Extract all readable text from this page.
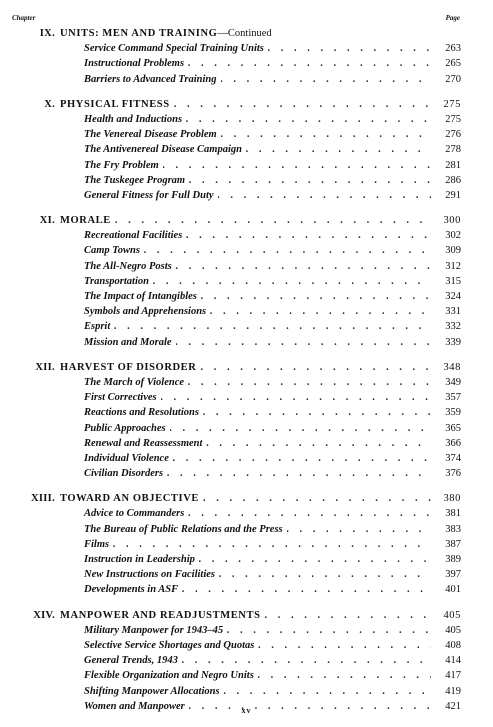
Chapter	Page
IX. UNITS: MEN AND TRAINING—Continued
Service Command Special Training Units . . .	263
Instructional Problems . . .	265
Barriers to Advanced Training . . .	270
X. PHYSICAL FITNESS . . .	275
Health and Inductions . . .	275
The Venereal Disease Problem . . .	276
The Antivenereal Disease Campaign . . .	278
The Fry Problem . . .	281
The Tuskegee Program . . .	286
General Fitness for Full Duty . . .	291
XI. MORALE . . .	300
Recreational Facilities . . .	302
Camp Towns . . .	309
The All-Negro Posts . . .	312
Transportation . . .	315
The Impact of Intangibles . . .	324
Symbols and Apprehensions . . .	331
Esprit . . .	332
Mission and Morale . . .	339
XII. HARVEST OF DISORDER . . .	348
The March of Violence . . .	349
First Correctives . . .	357
Reactions and Resolutions . . .	359
Public Approaches . . .	365
Renewal and Reassessment . . .	366
Individual Violence . . .	374
Civilian Disorders . . .	376
XIII. TOWARD AN OBJECTIVE . . .	380
Advice to Commanders . . .	381
The Bureau of Public Relations and the Press . . .	383
Films . . .	387
Instruction in Leadership . . .	389
New Instructions on Facilities . . .	397
Developments in ASF . . .	401
XIV. MANPOWER AND READJUSTMENTS . . .	405
Military Manpower for 1943–45 . . .	405
Selective Service Shortages and Quotas . . .	408
General Trends, 1943 . . .	414
Flexible Organization and Negro Units . . .	417
Shifting Manpower Allocations . . .	419
Women and Manpower . . .	421
xv
